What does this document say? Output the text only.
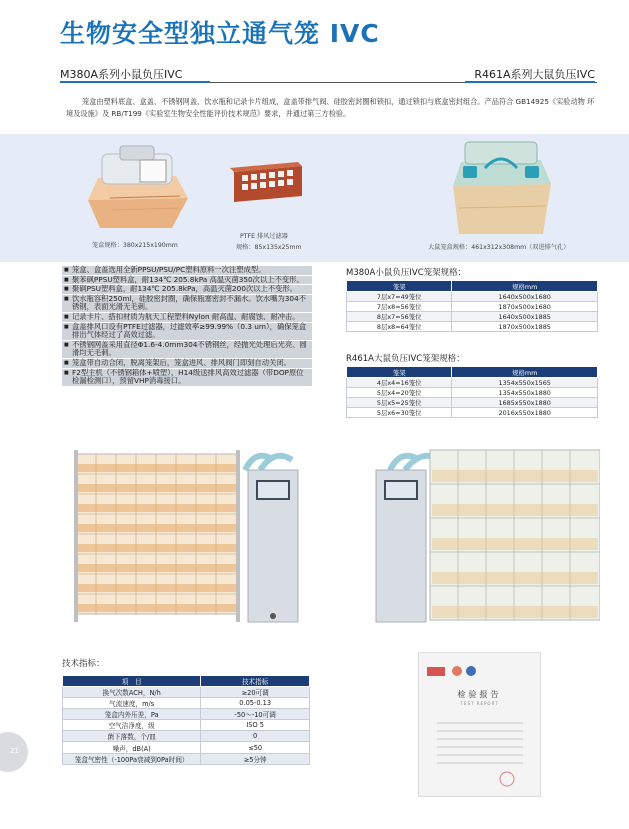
生物安全型独立通气笼 IVC
M380A系列小鼠负压IVC	R461A系列大鼠负压IVC

笼盒由塑料底盒、盒盖、不锈钢网盖、饮水瓶和记录卡片组成，盒盖带排气阀、硅胶密封圈和锁扣，通过锁扣与底盒密封组合。产品符合 GB14925《实验动物 环境及设施》及 RB/T199《实验室生物安全性能评价技术规范》要求，并通过第三方检验。

笼盒规格：380x215x190mm
PTFE 排风过滤器
规格：85x135x25mm	大鼠笼盒规格：461x312x308mm（双进排气孔）
■ 笼盒、盒盖选用全新PPSU/PSU/PC塑料原料一次注塑成型。
■ 聚苯砜PPSU塑料盒，耐134℃ 205.8kPa 高温灭菌350次以上不变形。
■ 聚砜PSU塑料盒，耐134℃ 205.8kPa，高温灭菌200次以上不变形。
■ 饮水瓶容积250ml，硅胶密封圈，确保瓶塞密封不漏水。饮水嘴为304不锈钢，表面光滑无毛刺。
■ 记录卡片、搭扣材质为航天工程塑料Nylon 耐高温、耐腐蚀、耐冲击。
■ 盒盖排风口设有PTFE过滤器，过滤效率≥99.99%（0.3 um），确保笼盒排出气体经过了高效过滤。
■ 不锈钢网盖采用直径Φ1.6-4.0mm304不锈钢丝，经抛光处理后光亮、圆滑均无毛刺。
■ 笼盒带自动合闭，脱离笼架后，笼盒进风、排风阀门即刻自动关闭。
■ F2型主机（不锈钢箱体+喷塑），H14级送排风高效过滤器（带DOP原位检漏检测口），预留VHP消毒接口。
M380A小鼠负压IVC笼架规格：
笼架	规格mm
7层x7=49笼位	1640x500x1680
7层x8=56笼位	1870x500x1680
8层x7=56笼位	1640x500x1885
8层x8=64笼位	1870x500x1885
R461A大鼠负压IVC笼架规格：
笼架	规格mm
4层x4=16笼位	1354x550x1565
5层x4=20笼位	1354x550x1880
5层x5=25笼位	1685x550x1880
5层x6=30笼位	2016x550x1880
技术指标：
项　目	技术指标
换气次数ACH，N/h	≥20可调
气流速度，m/s	0.05-0.13
笼盒内外压差，Pa	-50～-10可调
空气洁净度，级	ISO 5
菌下落数，个/皿	0
噪声，dB(A)	≤50
笼盒气密性（-100Pa衰减到0Pa时间）	≥5分钟
检验报告
TEST REPORT
21
